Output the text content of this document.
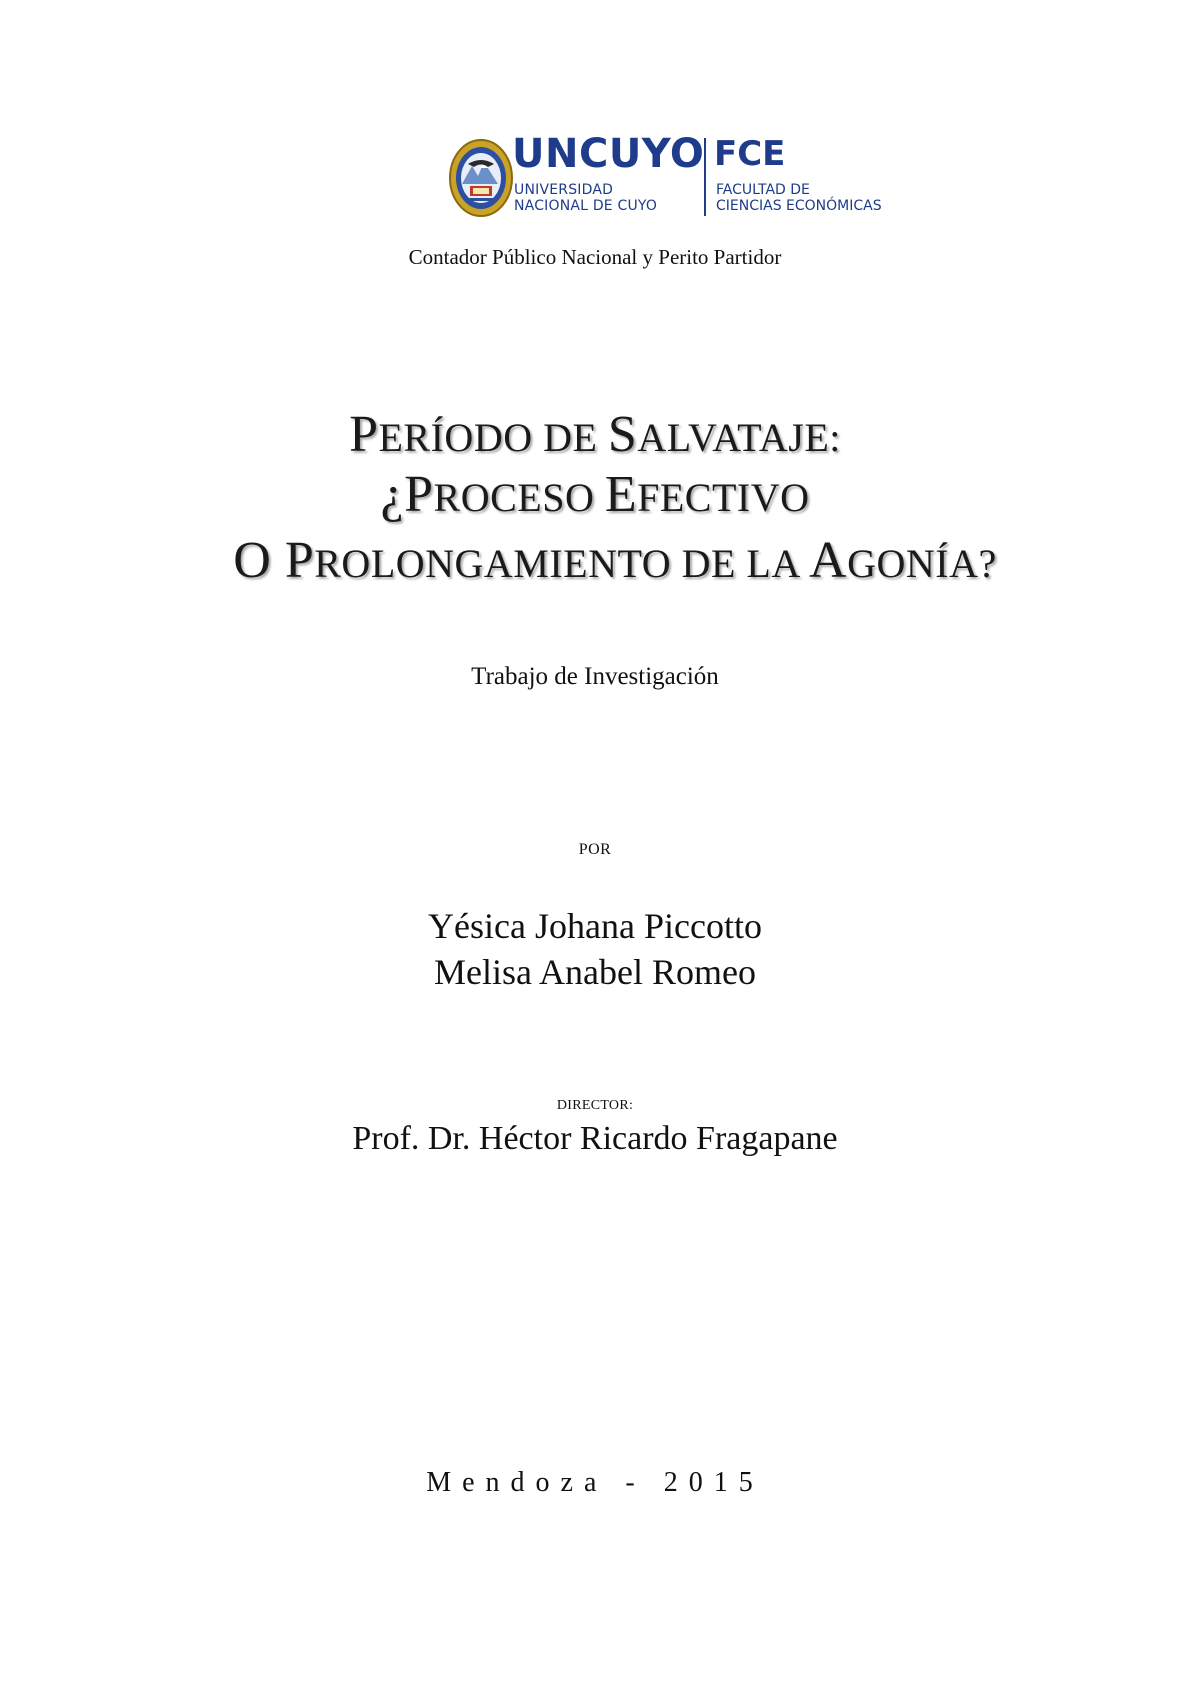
UNCUYO
UNIVERSIDAD
NACIONAL DE CUYO
FCE
FACULTAD DE
CIENCIAS ECONÓMICAS
Contador Público Nacional y Perito Partidor
PERÍODO DE SALVATAJE:
¿PROCESO EFECTIVO
O PROLONGAMIENTO DE LA AGONÍA?
Trabajo de Investigación
POR
Yésica Johana Piccotto
Melisa Anabel Romeo
DIRECTOR:
Prof. Dr. Héctor Ricardo Fragapane
Mendoza - 2015
